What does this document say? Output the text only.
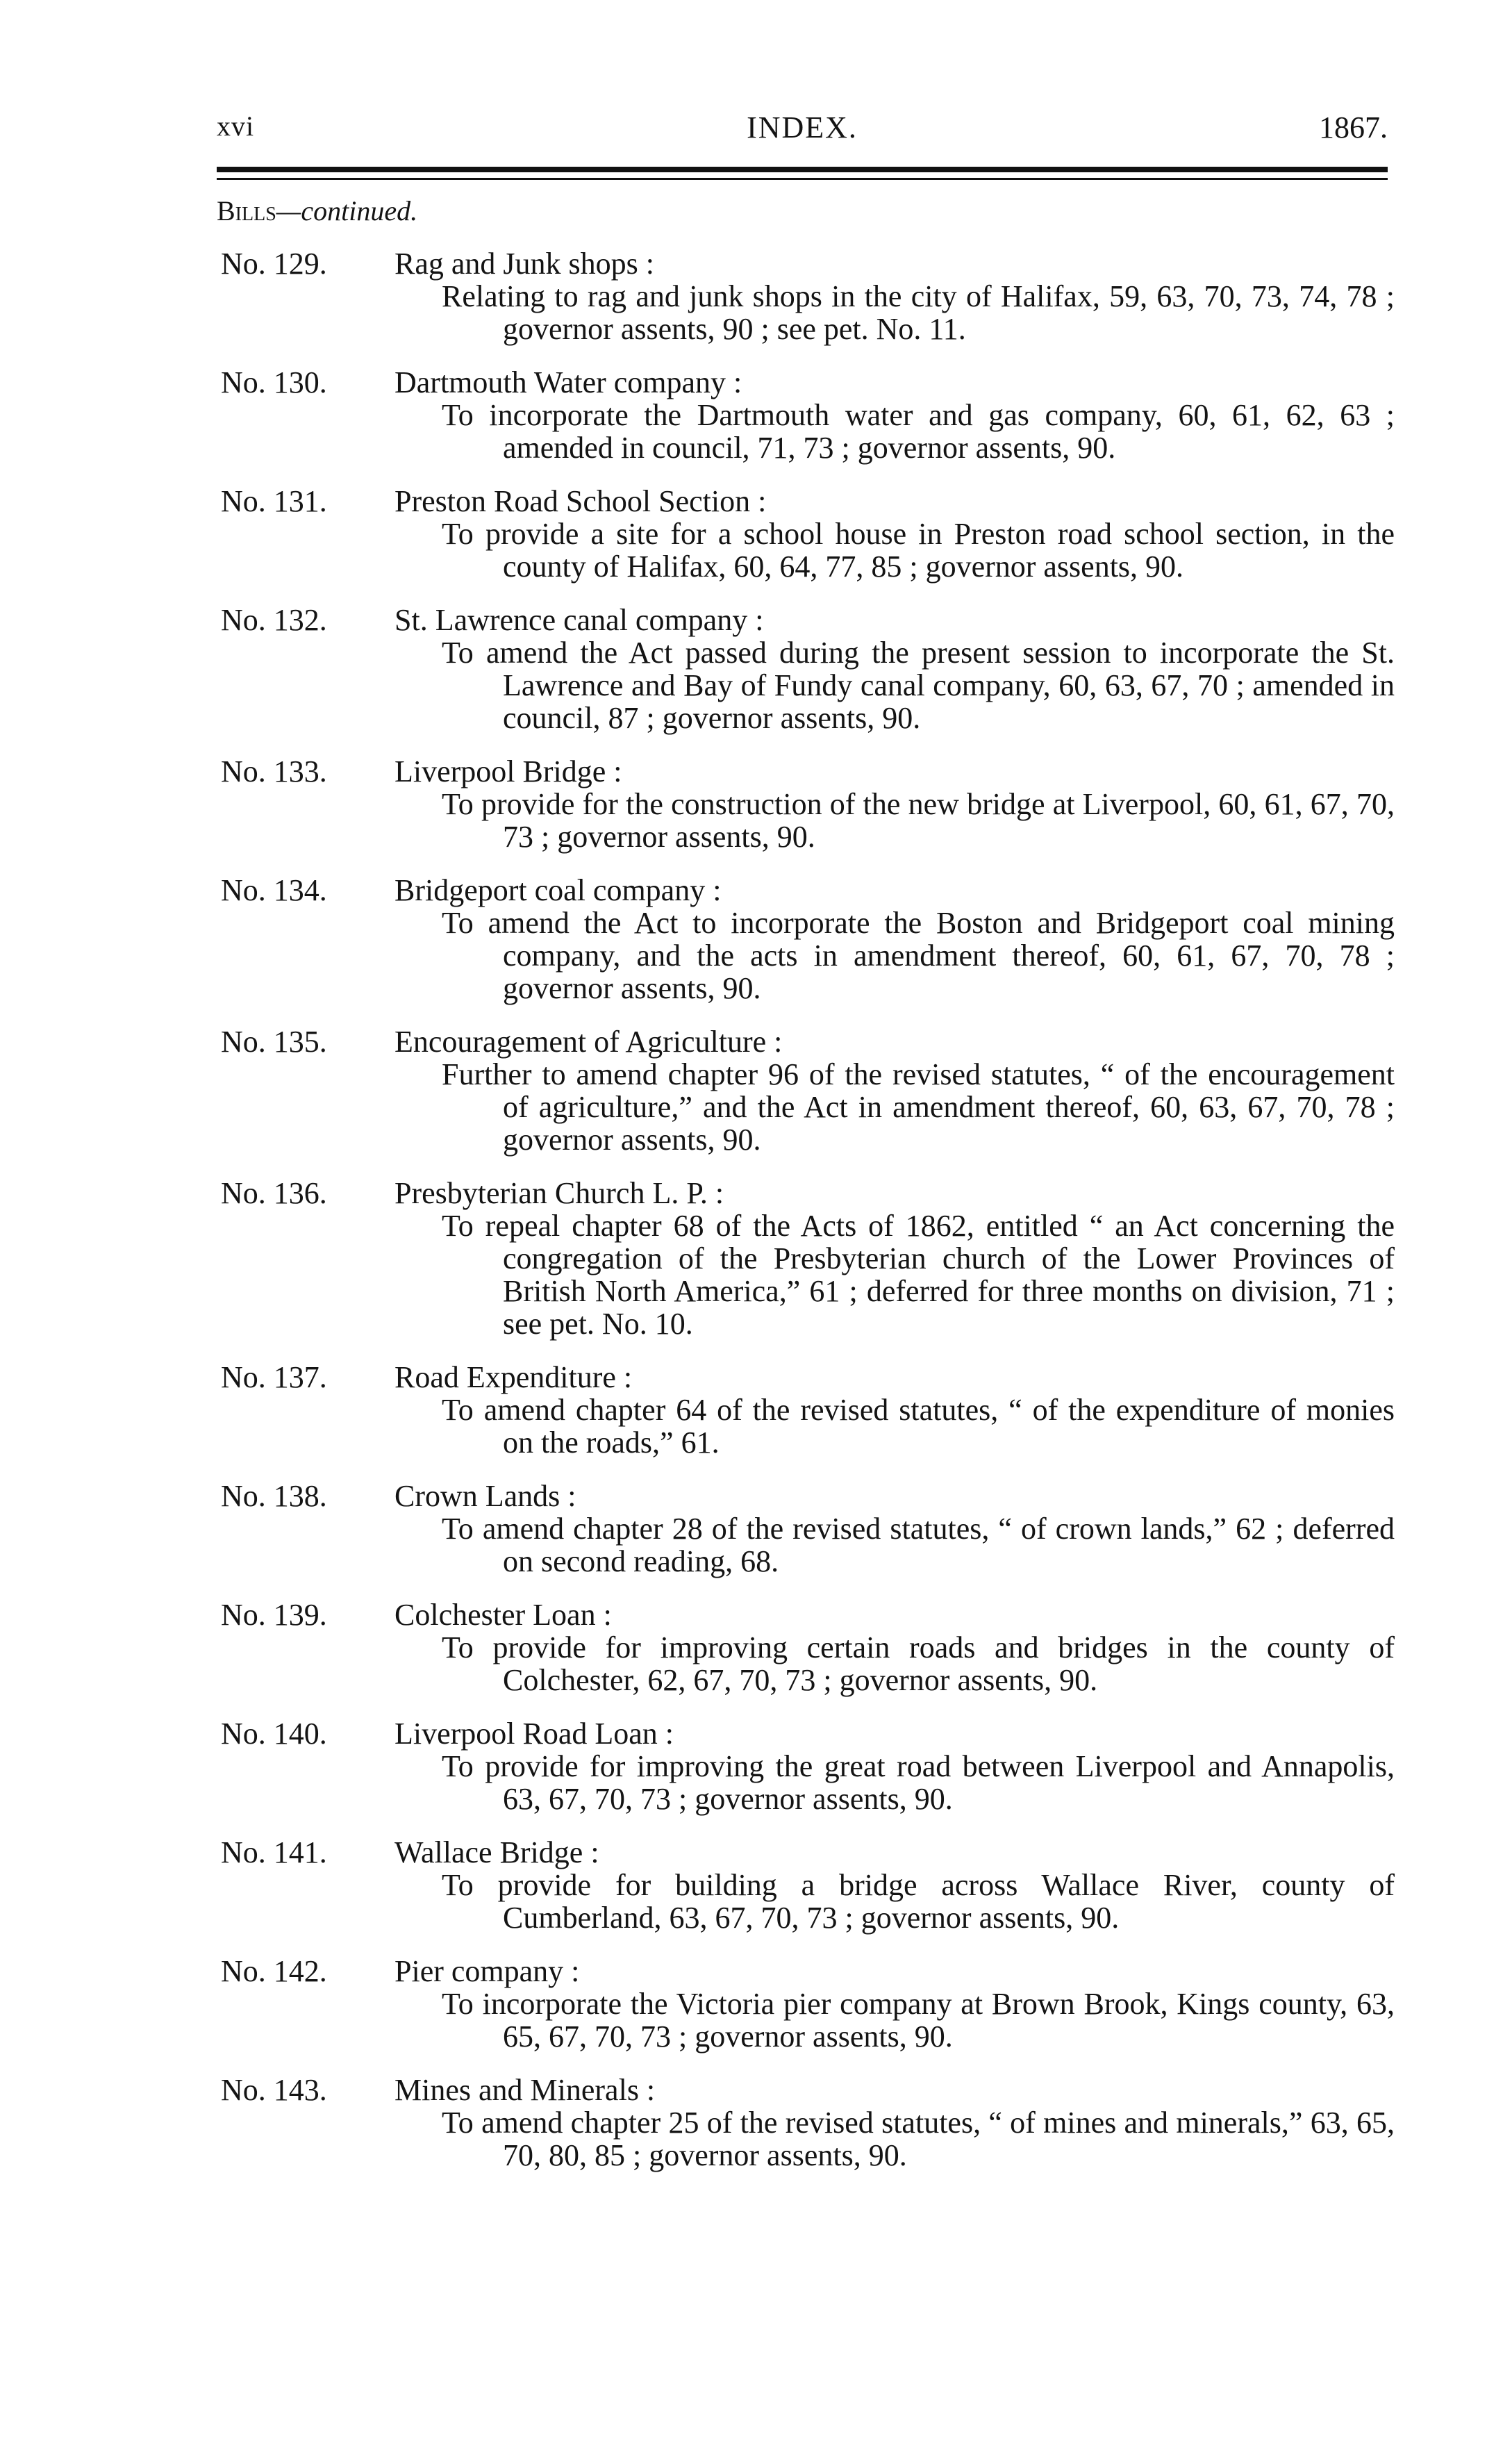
xvi	INDEX.	1867.
Bills—continued.
No. 129.	Rag and Junk shops :
Relating to rag and junk shops in the city of Halifax, 59, 63, 70, 73, 74, 78 ; governor assents, 90 ; see pet. No. 11.
No. 130.	Dartmouth Water company :
To incorporate the Dartmouth water and gas company, 60, 61, 62, 63 ; amended in council, 71, 73 ; governor assents, 90.
No. 131.	Preston Road School Section :
To provide a site for a school house in Preston road school section, in the county of Halifax, 60, 64, 77, 85 ; governor assents, 90.
No. 132.	St. Lawrence canal company :
To amend the Act passed during the present session to incorporate the St. Lawrence and Bay of Fundy canal company, 60, 63, 67, 70 ; amended in council, 87 ; governor assents, 90.
No. 133.	Liverpool Bridge :
To provide for the construction of the new bridge at Liverpool, 60, 61, 67, 70, 73 ; governor assents, 90.
No. 134.	Bridgeport coal company :
To amend the Act to incorporate the Boston and Bridgeport coal mining company, and the acts in amendment thereof, 60, 61, 67, 70, 78 ; governor assents, 90.
No. 135.	Encouragement of Agriculture :
Further to amend chapter 96 of the revised statutes, “ of the encouragement of agriculture,” and the Act in amendment thereof, 60, 63, 67, 70, 78 ; governor assents, 90.
No. 136.	Presbyterian Church L. P. :
To repeal chapter 68 of the Acts of 1862, entitled “ an Act concerning the congregation of the Presbyterian church of the Lower Provinces of British North America,” 61 ; deferred for three months on division, 71 ; see pet. No. 10.
No. 137.	Road Expenditure :
To amend chapter 64 of the revised statutes, “ of the expenditure of monies on the roads,” 61.
No. 138.	Crown Lands :
To amend chapter 28 of the revised statutes, “ of crown lands,” 62 ; deferred on second reading, 68.
No. 139.	Colchester Loan :
To provide for improving certain roads and bridges in the county of Colchester, 62, 67, 70, 73 ; governor assents, 90.
No. 140.	Liverpool Road Loan :
To provide for improving the great road between Liverpool and Annapolis, 63, 67, 70, 73 ; governor assents, 90.
No. 141.	Wallace Bridge :
To provide for building a bridge across Wallace River, county of Cumberland, 63, 67, 70, 73 ; governor assents, 90.
No. 142.	Pier company :
To incorporate the Victoria pier company at Brown Brook, Kings county, 63, 65, 67, 70, 73 ; governor assents, 90.
No. 143.	Mines and Minerals :
To amend chapter 25 of the revised statutes, “ of mines and minerals,” 63, 65, 70, 80, 85 ; governor assents, 90.
